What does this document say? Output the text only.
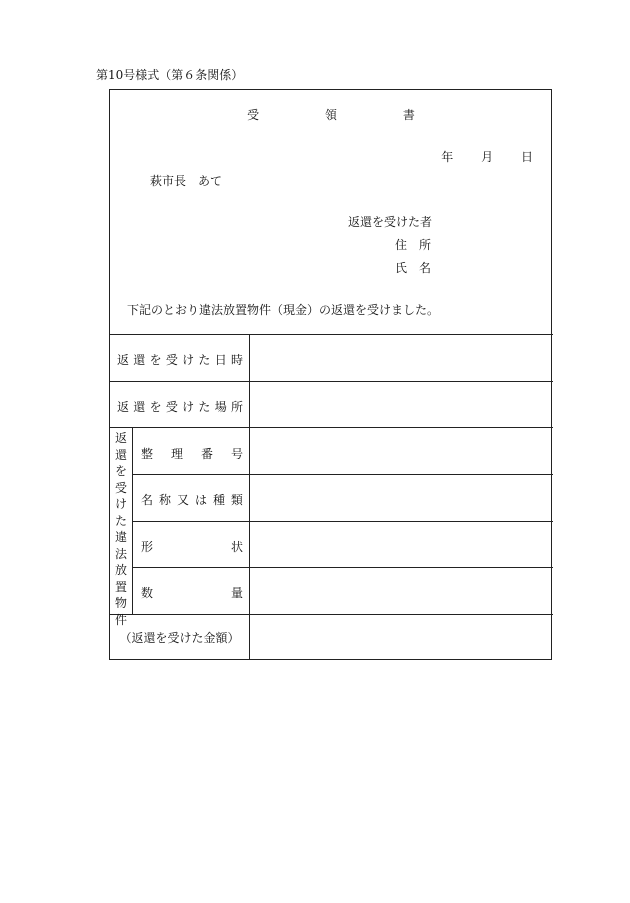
第10号様式（第６条関係）
受	領	書
年 月 日
萩市長　あて
返還を受けた者
住 所
氏 名
下記のとおり違法放置物件（現金）の返還を受けました。
返 還 を 受 け た 日 時
返 還 を 受 け た 場 所
返
還
を
受
け
た
違
法
放
置
物
件
整 理 番 号
名 称 又 は 種 類
形	状
数	量
（返還を受けた金額）
